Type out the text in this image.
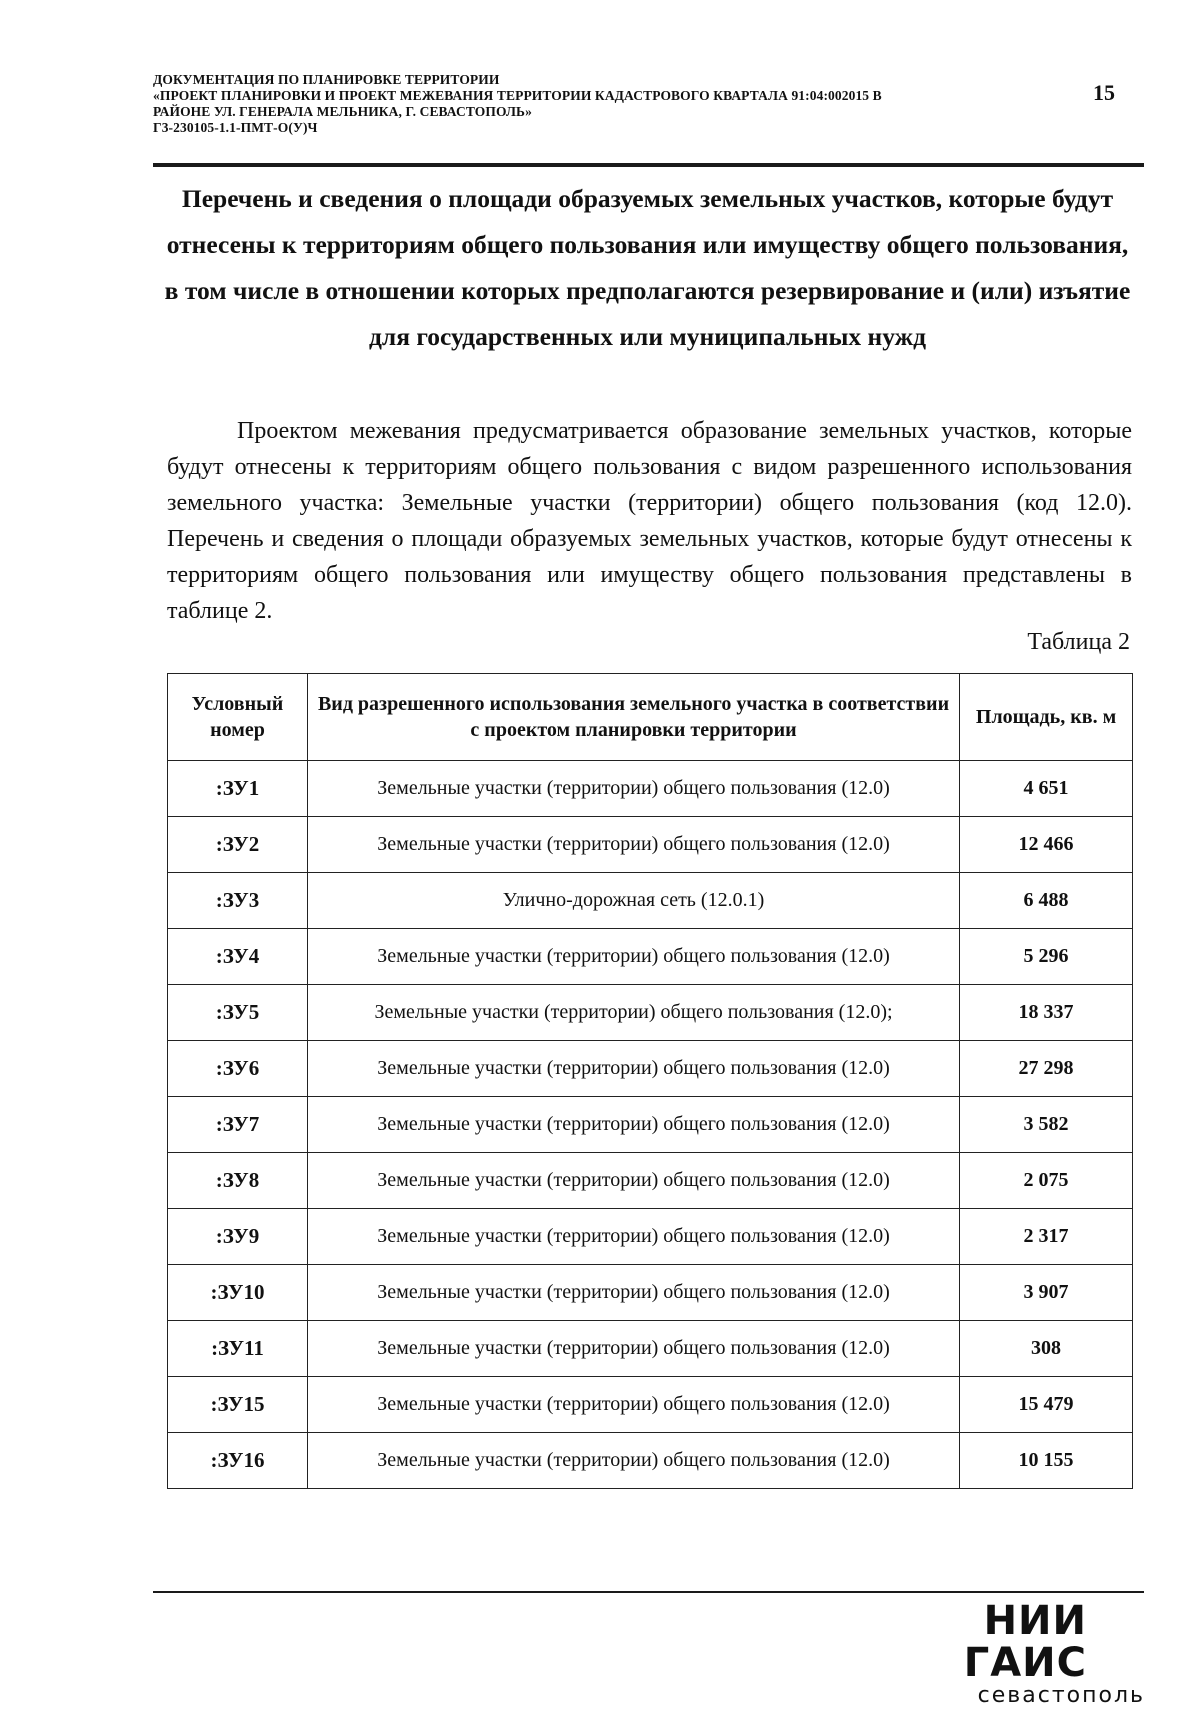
ДОКУМЕНТАЦИЯ ПО ПЛАНИРОВКЕ ТЕРРИТОРИИ
«ПРОЕКТ ПЛАНИРОВКИ И ПРОЕКТ МЕЖЕВАНИЯ ТЕРРИТОРИИ КАДАСТРОВОГО КВАРТАЛА 91:04:002015 В
РАЙОНЕ УЛ. ГЕНЕРАЛА МЕЛЬНИКА, Г. СЕВАСТОПОЛЬ»
Г3-230105-1.1-ПМТ-О(У)Ч
15
Перечень и сведения о площади образуемых земельных участков, которые будут отнесены к территориям общего пользования или имуществу общего пользования, в том числе в отношении которых предполагаются резервирование и (или) изъятие для государственных или муниципальных нужд
Проектом межевания предусматривается образование земельных участков, которые будут отнесены к территориям общего пользования с видом разрешенного использования земельного участка: Земельные участки (территории) общего пользования (код 12.0). Перечень и сведения о площади образуемых земельных участков, которые будут отнесены к территориям общего пользования или имуществу общего пользования представлены в таблице 2.
Таблица 2
Условный номер	Вид разрешенного использования земельного участка в соответствии с проектом планировки территории	Площадь, кв. м
:ЗУ1	Земельные участки (территории) общего пользования (12.0)	4 651
:ЗУ2	Земельные участки (территории) общего пользования (12.0)	12 466
:ЗУ3	Улично-дорожная сеть (12.0.1)	6 488
:ЗУ4	Земельные участки (территории) общего пользования (12.0)	5 296
:ЗУ5	Земельные участки (территории) общего пользования (12.0);	18 337
:ЗУ6	Земельные участки (территории) общего пользования (12.0)	27 298
:ЗУ7	Земельные участки (территории) общего пользования (12.0)	3 582
:ЗУ8	Земельные участки (территории) общего пользования (12.0)	2 075
:ЗУ9	Земельные участки (территории) общего пользования (12.0)	2 317
:ЗУ10	Земельные участки (территории) общего пользования (12.0)	3 907
:ЗУ11	Земельные участки (территории) общего пользования (12.0)	308
:ЗУ15	Земельные участки (территории) общего пользования (12.0)	15 479
:ЗУ16	Земельные участки (территории) общего пользования (12.0)	10 155
НИИ ГАИС
севастополь
